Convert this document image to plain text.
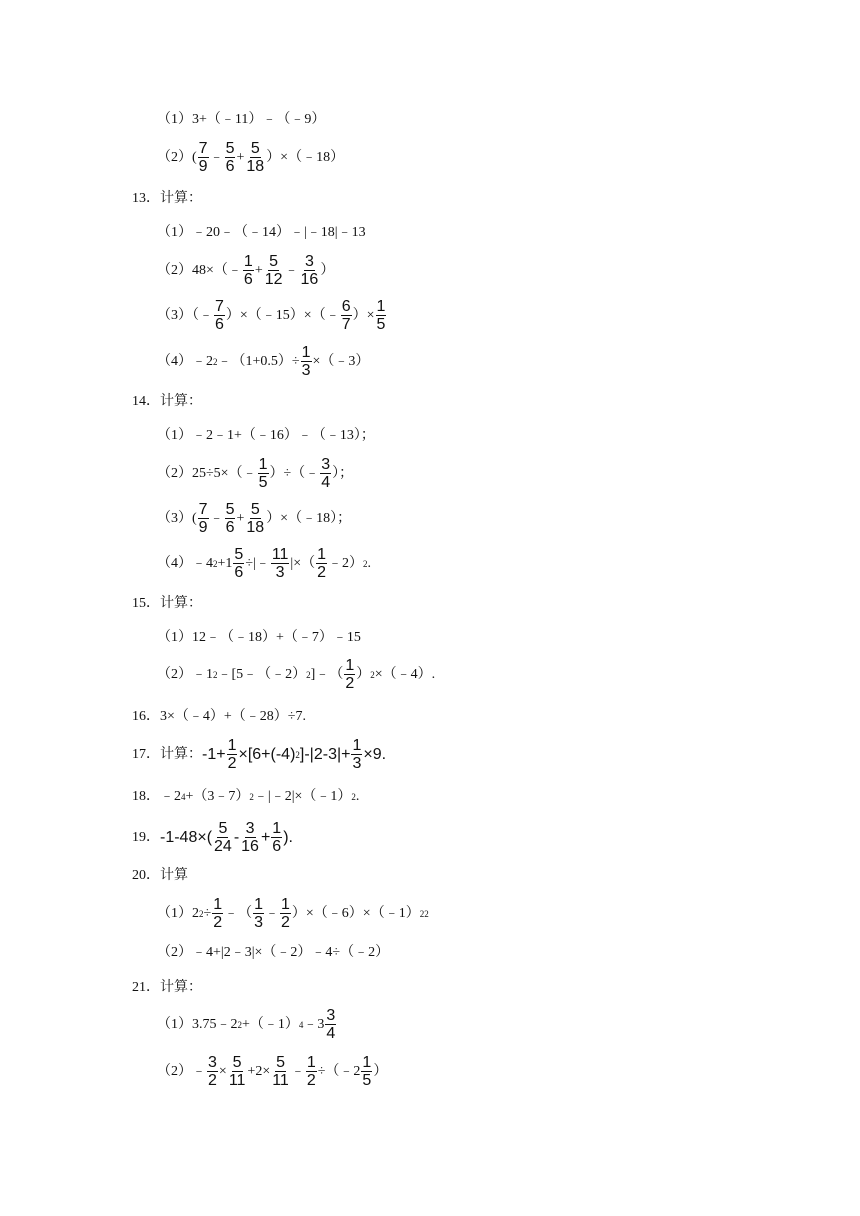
（1）3+（﹣11）﹣（﹣9）
$(2)( \frac{7}{9}$ ﹣ $\frac{5}{6} + \frac{5}{18}$ ）×（﹣18）
13．计算：
（1）﹣20﹣（﹣14）﹣|﹣18|﹣13
（2）48×（﹣ $\frac{1}{6} + \frac{5}{12}$ ﹣ $\frac{3}{16}$ ）
（3）（﹣ $\frac{7}{6}$ ）×（﹣15）×（﹣ $\frac{6}{7}$ ）× $\frac{1}{5}$
（4）﹣2 2 ﹣（1+0.5）÷ $\frac{1}{3}$ ×（﹣3）
14．计算：
（1）﹣2﹣1+（﹣16）﹣（﹣13）；
（2）25÷5×（﹣ $\frac{1}{5}$ ）÷（﹣ $\frac{3}{4}$ ）；
$(3)( \frac{7}{9}$ ﹣ $\frac{5}{6} + \frac{5}{18}$ ）×（﹣18）；
（4）﹣4 $2 +1 \frac{5}{6}$ ÷|﹣ $\frac{11}{3}$ |×（ $\frac{1}{2}$ ﹣2） 2 .
15．计算：
（1）12﹣（﹣18）+（﹣7）﹣15
（2）﹣1 2 ﹣[5﹣（﹣2） 2 ]﹣（ $\frac{1}{2}$ ） 2 ×（﹣4）.
16．3×（﹣4）+（﹣28）÷7.
17．计算： $-1+ \frac{1}{2} \times[6+(-4)$ 2 ]$-|2-3|+ \frac{1}{3} \times 9$.
18．﹣2 4 +（3﹣7） 2 ﹣|﹣2|×（﹣1） 2 .
19． $-1-48\times( \frac{5}{24} - \frac{3}{16} + \frac{1}{6}$ ).
20．计算
（1）2 $2 \div \frac{1}{2}$ ﹣（ $\frac{1}{3}$ ﹣ $\frac{1}{2}$ ）×（﹣6）×（﹣1） 22
（2）﹣4+|2﹣3|×（﹣2）﹣4÷（﹣2）
21．计算：
（1）3.75﹣2 2 +（﹣1） 4 ﹣3 $\frac{3}{4}$
（2）﹣ $\frac{3}{2} \times \frac{5}{11} +2\times \frac{5}{11}$ ﹣ $\frac{1}{2}$ ÷（﹣2 $\frac{1}{5}$ ）
